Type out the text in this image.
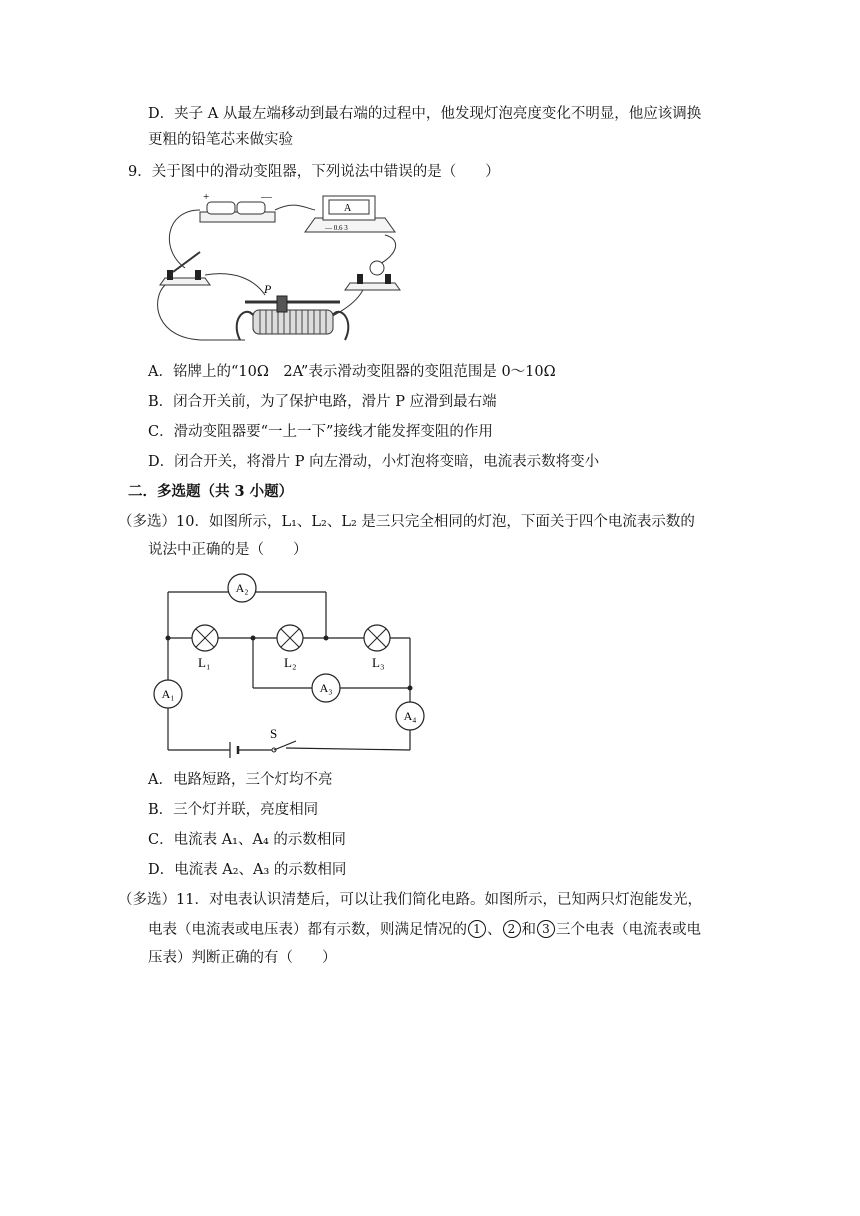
D．夹子 A 从最左端移动到最右端的过程中，他发现灯泡亮度变化不明显，他应该调换
更粗的铅笔芯来做实验
9．关于图中的滑动变阻器，下列说法中错误的是（　　）
+	—
A
— 0.6 3
P
A．铭牌上的“10Ω　2A”表示滑动变阻器的变阻范围是 0～10Ω
B．闭合开关前，为了保护电路，滑片 P 应滑到最右端
C．滑动变阻器要“一上一下”接线才能发挥变阻的作用
D．闭合开关，将滑片 P 向左滑动，小灯泡将变暗，电流表示数将变小
二．多选题（共 3 小题）
（多选）10．如图所示，L₁、L₂、L₂ 是三只完全相同的灯泡，下面关于四个电流表示数的
说法中正确的是（　　）
S
L₁	L₂	L₃
A₂
A₁	A₃
A₄
A．电路短路，三个灯均不亮
B．三个灯并联，亮度相同
C．电流表 A₁、A₄ 的示数相同
D．电流表 A₂、A₃ 的示数相同
（多选）11．对电表认识清楚后，可以让我们简化电路。如图所示，已知两只灯泡能发光，
电表（电流表或电压表）都有示数，则满足情况的 1 、 2 和 3 三个电表（电流表或电
压表）判断正确的有（　　）
